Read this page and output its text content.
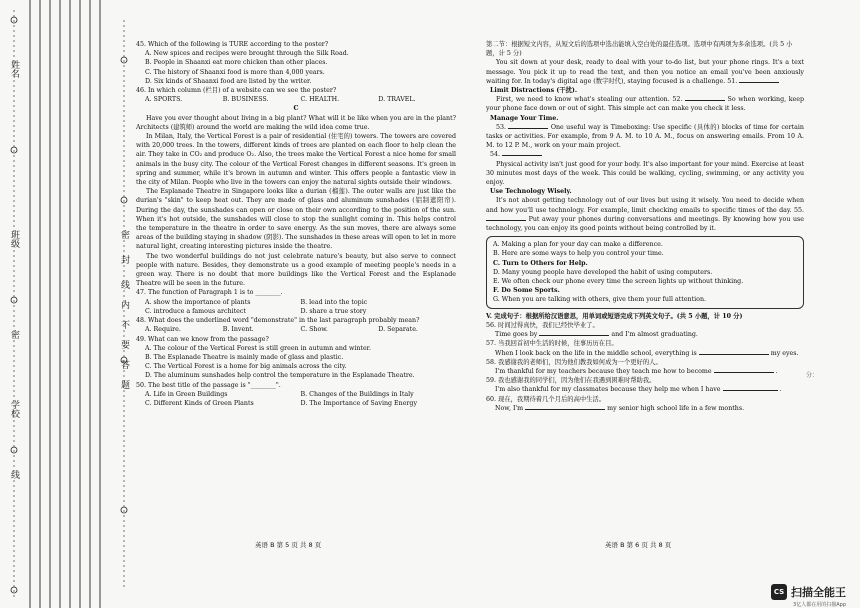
密
封
线
内
不
要
答
题
姓名
班级
学校
密
线

45. Which of the following is TURE according to the poster?

A. New spices and recipes were brought through the Silk Road.

B. People in Shaanxi eat more chicken than other places.

C. The history of Shaanxi food is more than 4,000 years.

D. Six kinds of Shaanxi food are listed by the writer.

46. In which column (栏目) of a website can we see the poster?

A. SPORTS.	B. BUSINESS.	C. HEALTH.	D. TRAVEL.

C

Have you ever thought about living in a big plant? What will it be like when you are in the plant? Architects (建筑师) around the world are making the wild idea come true.

In Milan, Italy, the Vertical Forest is a pair of residential (住宅的) towers. The towers are covered with 20,000 trees. In the towers, different kinds of trees are planted on each floor to help clean the air. They take in CO₂ and produce O₂. Also, the trees make the Vertical Forest a nice home for small animals in the busy city. The colour of the Vertical Forest changes in different seasons. It's green in spring and summer, while it's brown in autumn and winter. This offers people a fantastic view in the city of Milan. People who live in the towers can enjoy the natural sights outside their windows.

The Esplanade Theatre in Singapore looks like a durian (榴莲). The outer walls are just like the durian's "skin" to keep heat out. They are made of glass and aluminum sunshades (铝制遮阳帘). During the day, the sunshades can open or close on their own according to the position of the sun. When it's hot outside, the sunshades will close to stop the sunlight coming in. This helps control the temperature in the theatre in order to save energy. As the sun moves, there are always some areas of the building staying in shadow (阴影). The sunshades in these areas will open to let in more natural light, creating interesting pictures inside the theatre.

The two wonderful buildings do not just celebrate nature's beauty, but also serve to connect people with nature. Besides, they demonstrate us a good example of meeting people's needs in a green way. There is no doubt that more buildings like the Vertical Forest and the Esplanade Theatre will be seen in the future.

47. The function of Paragraph 1 is to ________.

A. show the importance of plants	B. lead into the topic
C. introduce a famous architect	D. share a true story

48. What does the underlined word "demonstrate" in the last paragraph probably mean?

A. Require.	B. Invent.	C. Show.	D. Separate.

49. What can we know from the passage?

A. The colour of the Vertical Forest is still green in autumn and winter.

B. The Esplanade Theatre is mainly made of glass and plastic.

C. The Vertical Forest is a home for big animals across the city.

D. The aluminum sunshades help control the temperature in the Esplanade Theatre.

50. The best title of the passage is "________".

A. Life in Green Buildings	B. Changes of the Buildings in Italy
C. Different Kinds of Green Plants	D. The Importance of Saving Energy
英语 B 第 5 页 共 8 页

第二节：根据短文内容，从短文后的选项中选出能填入空白处的最佳选项。选项中有两项为多余选项。(共 5 小题，计 5 分)

You sit down at your desk, ready to deal with your to-do list, but your phone rings. It's a text message. You pick it up to read the text, and then you notice an email you've been anxiously waiting for. In today's digital age (数字时代), staying focused is a challenge. 51.

Limit Distractions (干扰).

First, we need to know what's stealing our attention. 52.	So when working, keep your phone face down or out of sight. This simple act can make you check it less.

Manage Your Time.

53.	One useful way is Timeboxing: Use specific (具体的) blocks of time for certain tasks or activities. For example, from 9 A. M. to 10 A. M., focus on answering emails. From 10 A. M. to 12 P. M., work on your main project.

54.

Physical activity isn't just good for your body. It's also important for your mind. Exercise at least 30 minutes most days of the week. This could be walking, cycling, swimming, or any activity you enjoy.

Use Technology Wisely.

It's not about getting technology out of our lives but using it wisely. You need to decide when and how you'll use technology. For example, limit checking emails to specific times of the day. 55.  Put away your phones during conversations and meetings. By knowing how you use technology, you can enjoy its good points without being controlled by it.

A. Making a plan for your day can make a difference.

B. Here are some ways to help you control your time.

C. Turn to Others for Help.

D. Many young people have developed the habit of using computers.

E. We often check our phone every time the screen lights up without thinking.

F. Do Some Sports.

G. When you are talking with others, give them your full attention.

V. 完成句子：根据所给汉语意思，用单词或短语完成下列英文句子。(共 5 小题，计 10 分)

56. 时间过得真快，我们已经快毕业了。

Time goes by	and I'm almost graduating.

57. 当我回首初中生活的时候，往事历历在目。

When I look back on the life in the middle school, everything is	my eyes.

58. 我感谢我的老师们，因为他们教我如何成为一个更好的人。

I'm thankful for my teachers because they teach me how to become	.

59. 我也感谢我的同学们，因为他们在我遇到困难时帮助我。

I'm also thankful for my classmates because they help me when I have	.

60. 现在，我期待着几个月后的高中生活。

Now, I'm	my senior high school life in a few months.

分：
英语 B 第 6 页 共 8 页
CS 扫描全能王
3亿人都在用的扫描App
